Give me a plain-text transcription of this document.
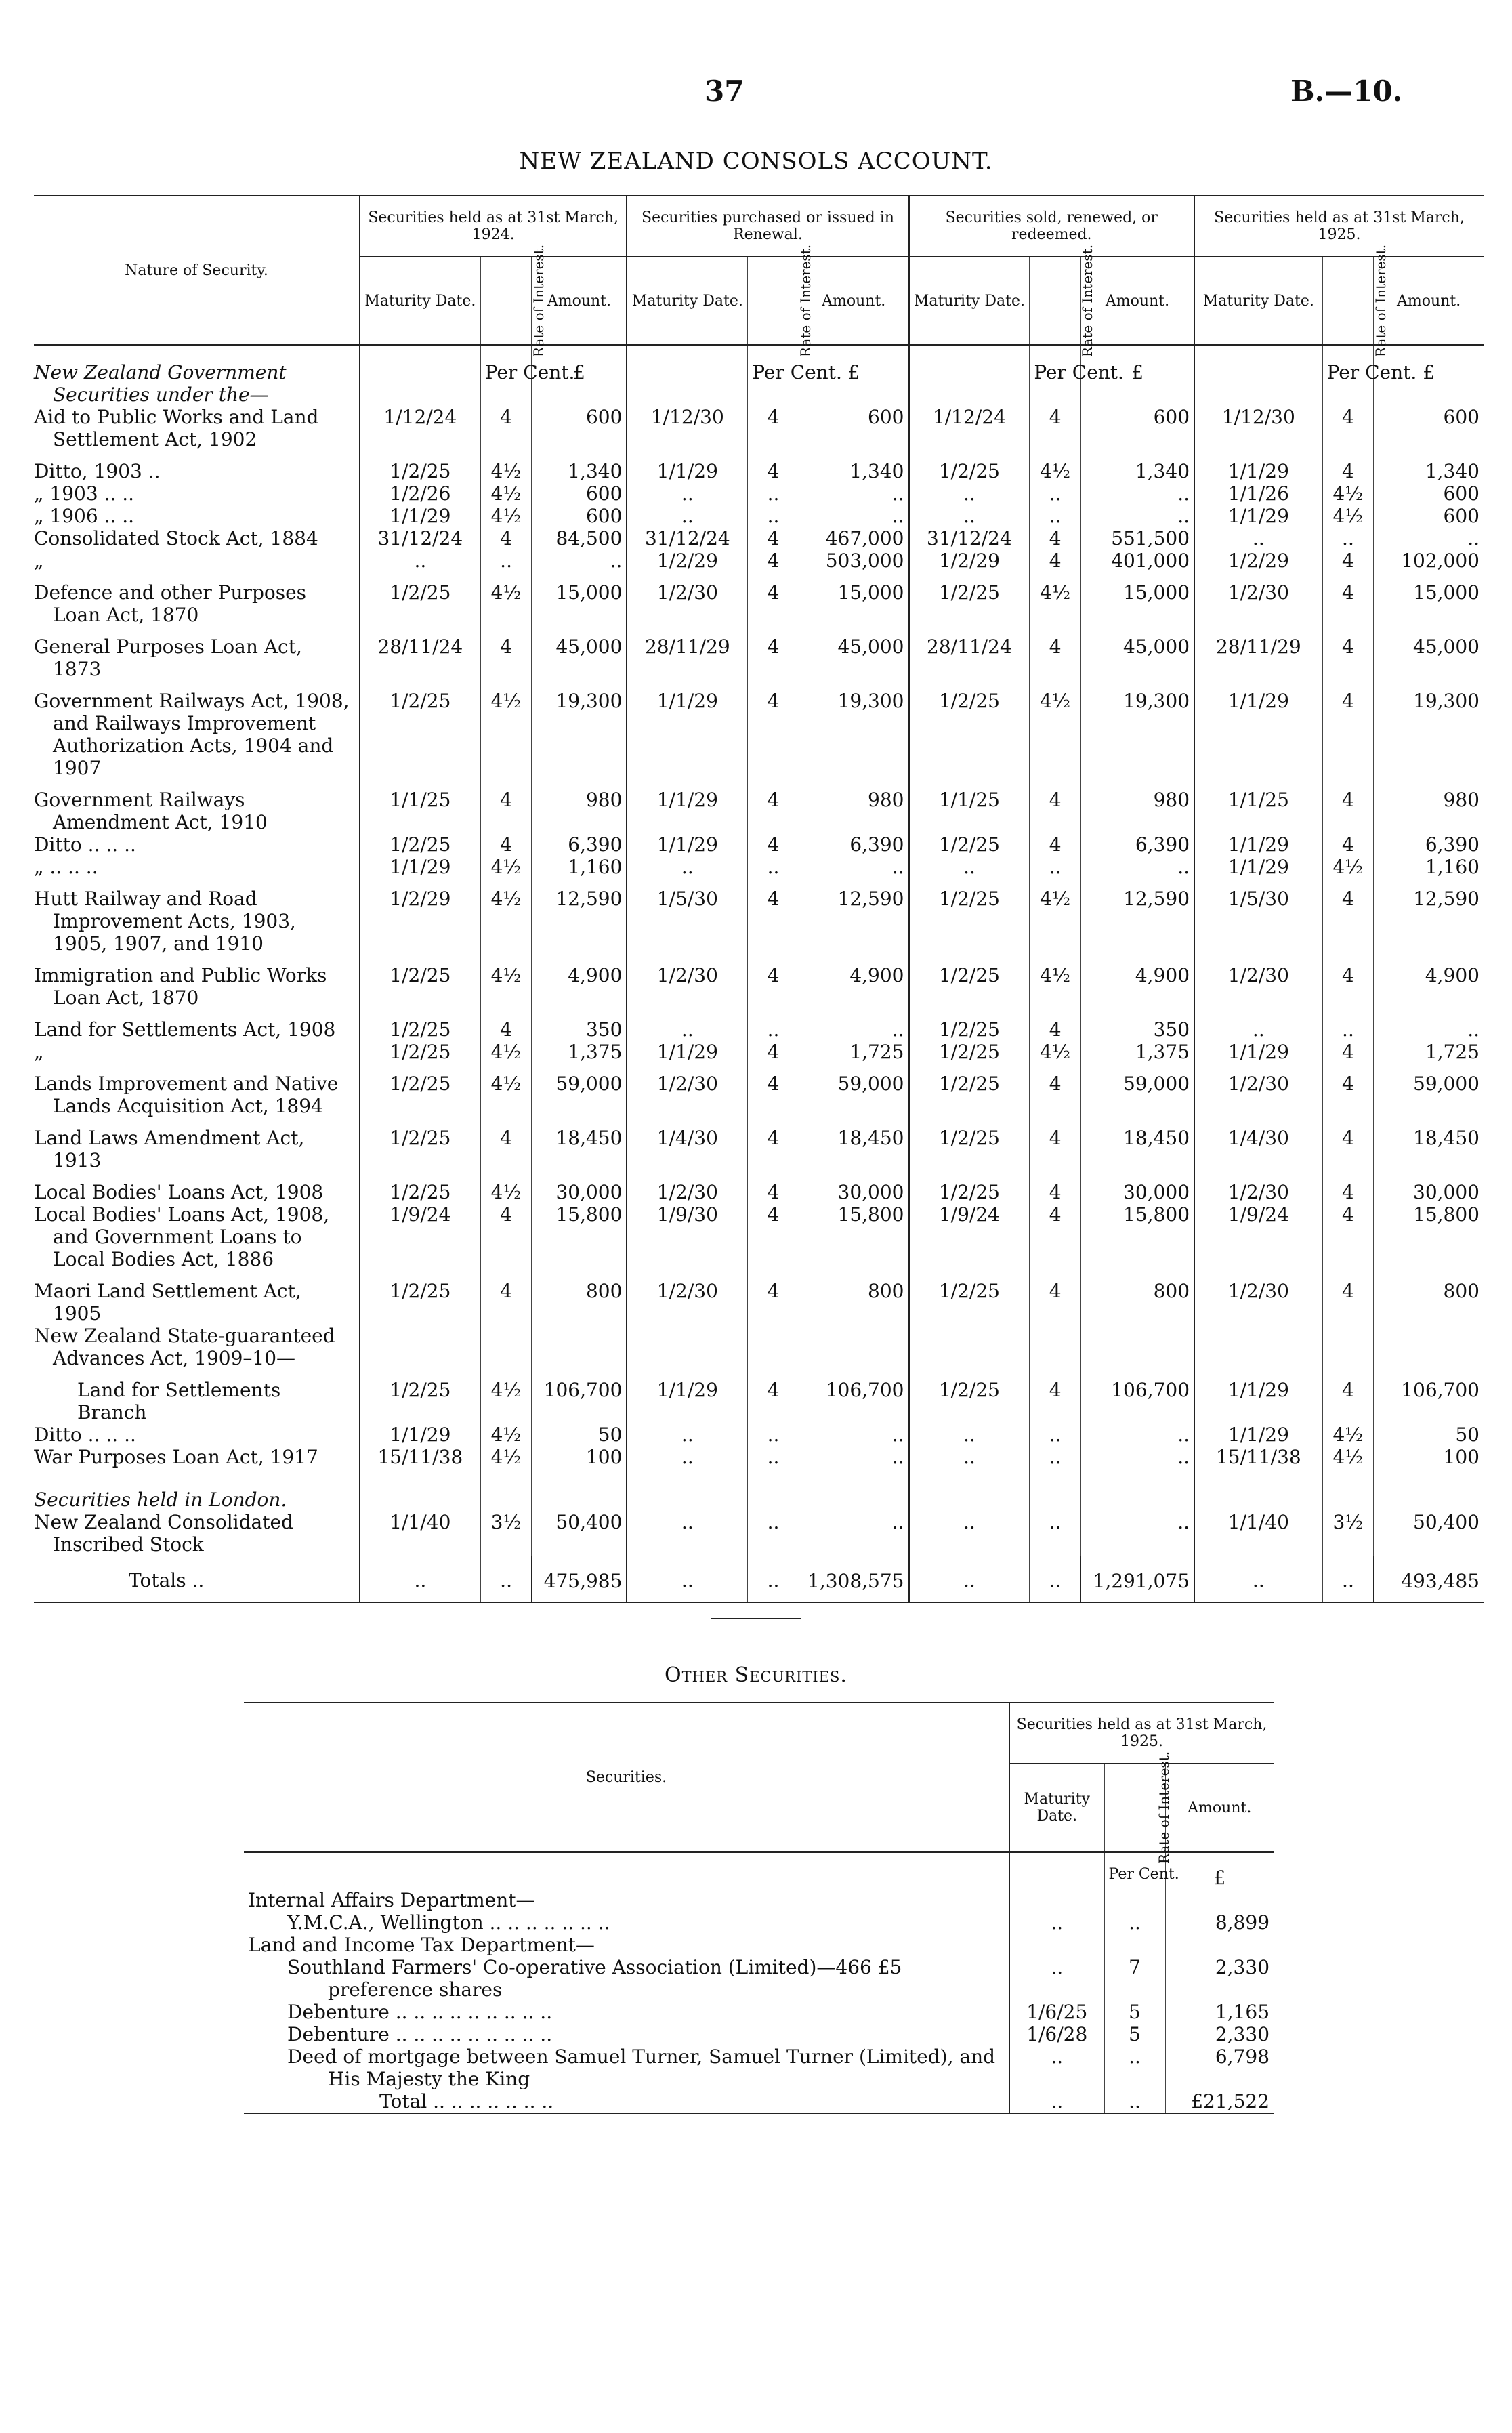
37	B.—10.
NEW ZEALAND CONSOLS ACCOUNT.
Nature of Security.	Securities held as at 31st March, 1924.			Securities purchased or issued in Renewal.			Securities sold, renewed, or redeemed.			Securities held as at 31st March, 1925.		
	Maturity Date.	Rate of Interest.	Amount.	Maturity Date.	Rate of Interest.	Amount.	Maturity Date.	Rate of Interest.	Amount.	Maturity Date.	Rate of Interest.	Amount.
New Zealand Government Securities under the—		Per Cent.	£		Per Cent.	£		Per Cent.	£		Per Cent.	£
Aid to Public Works and Land Settlement Act, 1902	1/12/24	4	600	1/12/30	4	600	1/12/24	4	600	1/12/30	4	600
Ditto, 1903 ..	1/2/25	4½	1,340	1/1/29	4	1,340	1/2/25	4½	1,340	1/1/29	4	1,340
„ 1903 .. ..	1/2/26	4½	600	..	..	..	..	..	..	1/1/26	4½	600
„ 1906 .. ..	1/1/29	4½	600	..	..	..	..	..	..	1/1/29	4½	600
Consolidated Stock Act, 1884	31/12/24	4	84,500	31/12/24	4	467,000	31/12/24	4	551,500	..	..	..
„	..	..	..	1/2/29	4	503,000	1/2/29	4	401,000	1/2/29	4	102,000
Defence and other Purposes Loan Act, 1870	1/2/25	4½	15,000	1/2/30	4	15,000	1/2/25	4½	15,000	1/2/30	4	15,000
General Purposes Loan Act, 1873	28/11/24	4	45,000	28/11/29	4	45,000	28/11/24	4	45,000	28/11/29	4	45,000
Government Railways Act, 1908, and Railways Improvement Authorization Acts, 1904 and 1907	1/2/25	4½	19,300	1/1/29	4	19,300	1/2/25	4½	19,300	1/1/29	4	19,300
Government Railways Amendment Act, 1910	1/1/25	4	980	1/1/29	4	980	1/1/25	4	980	1/1/25	4	980
Ditto .. .. ..	1/2/25	4	6,390	1/1/29	4	6,390	1/2/25	4	6,390	1/1/29	4	6,390
„ .. .. ..	1/1/29	4½	1,160	..	..	..	..	..	..	1/1/29	4½	1,160
Hutt Railway and Road Improvement Acts, 1903, 1905, 1907, and 1910	1/2/29	4½	12,590	1/5/30	4	12,590	1/2/25	4½	12,590	1/5/30	4	12,590
Immigration and Public Works Loan Act, 1870	1/2/25	4½	4,900	1/2/30	4	4,900	1/2/25	4½	4,900	1/2/30	4	4,900
Land for Settlements Act, 1908	1/2/25	4	350	..	..	..	1/2/25	4	350	..	..	..
„	1/2/25	4½	1,375	1/1/29	4	1,725	1/2/25	4½	1,375	1/1/29	4	1,725
Lands Improvement and Native Lands Acquisition Act, 1894	1/2/25	4½	59,000	1/2/30	4	59,000	1/2/25	4	59,000	1/2/30	4	59,000
Land Laws Amendment Act, 1913	1/2/25	4	18,450	1/4/30	4	18,450	1/2/25	4	18,450	1/4/30	4	18,450
Local Bodies' Loans Act, 1908	1/2/25	4½	30,000	1/2/30	4	30,000	1/2/25	4	30,000	1/2/30	4	30,000
Local Bodies' Loans Act, 1908, and Government Loans to Local Bodies Act, 1886	1/9/24	4	15,800	1/9/30	4	15,800	1/9/24	4	15,800	1/9/24	4	15,800
Maori Land Settlement Act, 1905	1/2/25	4	800	1/2/30	4	800	1/2/25	4	800	1/2/30	4	800
New Zealand State-guaranteed Advances Act, 1909–10—												
Land for Settlements Branch	1/2/25	4½	106,700	1/1/29	4	106,700	1/2/25	4	106,700	1/1/29	4	106,700
Ditto .. .. ..	1/1/29	4½	50	..	..	..	..	..	..	1/1/29	4½	50
War Purposes Loan Act, 1917	15/11/38	4½	100	..	..	..	..	..	..	15/11/38	4½	100
Securities held in London.												
New Zealand Consolidated Inscribed Stock	1/1/40	3½	50,400	..	..	..	..	..	..	1/1/40	3½	50,400
Totals ..	..	..	475,985	..	..	1,308,575	..	..	1,291,075	..	..	493,485

Other Securities.
Securities.	Securities held as at 31st March, 1925.		
	Maturity Date.	Rate of Interest.	Amount.
		Per Cent.	£
Internal Affairs Department—			
Y.M.C.A., Wellington .. .. .. .. .. .. ..	..	..	8,899
Land and Income Tax Department—			
Southland Farmers' Co-operative Association (Limited)—466 £5 preference shares	..	7	2,330
Debenture .. .. .. .. .. .. .. .. ..	1/6/25	5	1,165
Debenture .. .. .. .. .. .. .. .. ..	1/6/28	5	2,330
Deed of mortgage between Samuel Turner, Samuel Turner (Limited), and His Majesty the King	..	..	6,798
Total .. .. .. .. .. .. ..	..	..	£21,522
